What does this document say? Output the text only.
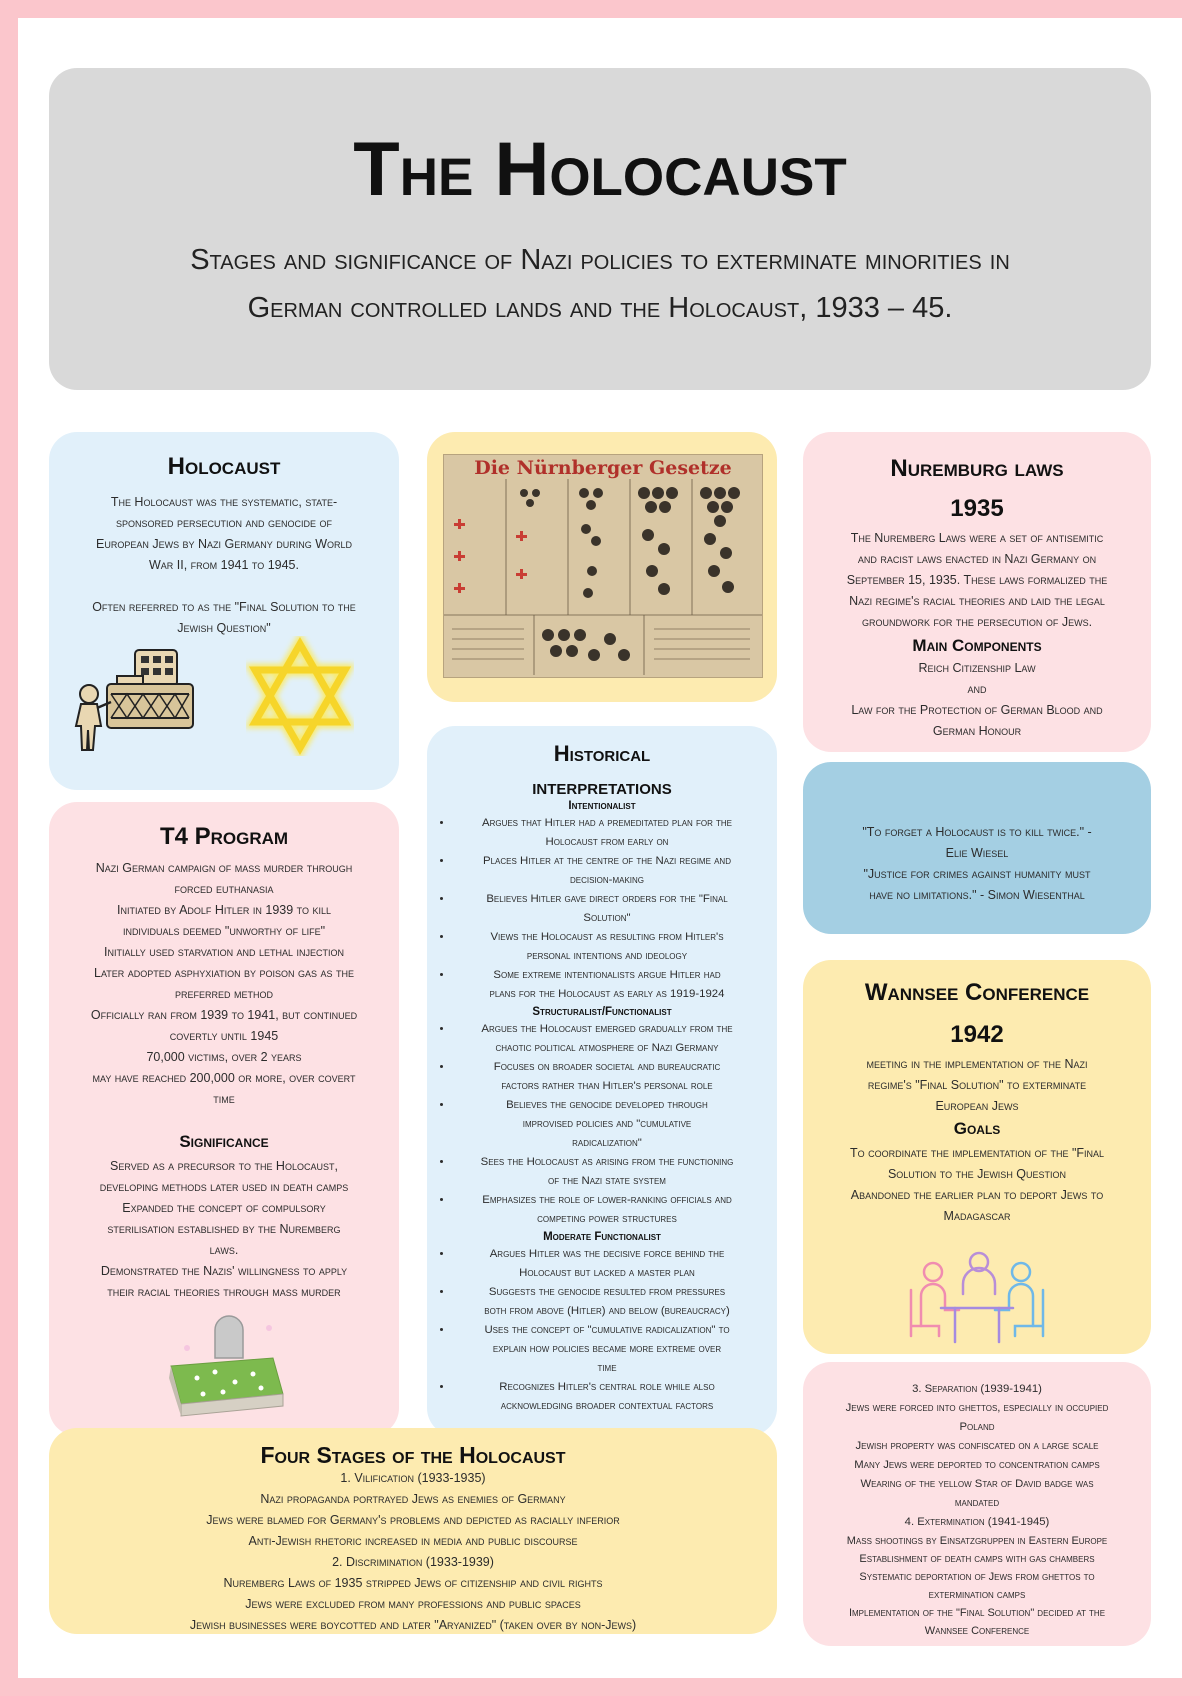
The Holocaust
Stages and significance of Nazi policies to exterminate minorities in
German controlled lands and the Holocaust, 1933 – 45.

Holocaust

The Holocaust was the systematic, state-

sponsored persecution and genocide of

European Jews by Nazi Germany during World

War II, from 1941 to 1945.

Often referred to as the "Final Solution to the

Jewish Question"

Die Nürnberger Gesetze	Nuremburg laws

1935

The Nuremberg Laws were a set of antisemitic

and racist laws enacted in Nazi Germany on

September 15, 1935. These laws formalized the

Nazi regime's racial theories and laid the legal

groundwork for the persecution of Jews.

Main Components

Reich Citizenship Law

and

Law for the Protection of German Blood and

German Honour

T4 Program

Nazi German campaign of mass murder through

forced euthanasia

Initiated by Adolf Hitler in 1939 to kill

individuals deemed "unworthy of life"

Initially used starvation and lethal injection

Later adopted asphyxiation by poison gas as the

preferred method

Officially ran from 1939 to 1941, but continued

covertly until 1945

70,000 victims, over 2 years

may have reached 200,000 or more, over covert

time

Significance

Served as a precursor to the Holocaust,

developing methods later used in death camps

Expanded the concept of compulsory

sterilisation established by the Nuremberg

laws.

Demonstrated the Nazis' willingness to apply

their racial theories through mass murder

Historical

interpretations

Intentionalist

• Argues that Hitler had a premeditated plan for the
Holocaust from early on
• Places Hitler at the centre of the Nazi regime and
decision-making
• Believes Hitler gave direct orders for the "Final
Solution"
• Views the Holocaust as resulting from Hitler's
personal intentions and ideology
• Some extreme intentionalists argue Hitler had
plans for the Holocaust as early as 1919-1924

Structuralist/Functionalist

• Argues the Holocaust emerged gradually from the
chaotic political atmosphere of Nazi Germany
• Focuses on broader societal and bureaucratic
factors rather than Hitler's personal role
• Believes the genocide developed through
improvised policies and "cumulative
radicalization"
• Sees the Holocaust as arising from the functioning
of the Nazi state system
• Emphasizes the role of lower-ranking officials and
competing power structures

Moderate Functionalist

• Argues Hitler was the decisive force behind the
Holocaust but lacked a master plan
• Suggests the genocide resulted from pressures
both from above (Hitler) and below (bureaucracy)
• Uses the concept of "cumulative radicalization" to
explain how policies became more extreme over
time
• Recognizes Hitler's central role while also
acknowledging broader contextual factors

"To forget a Holocaust is to kill twice." -

Elie Wiesel

"Justice for crimes against humanity must

have no limitations." - Simon Wiesenthal

Wannsee Conference

1942

meeting in the implementation of the Nazi

regime's "Final Solution" to exterminate

European Jews

Goals

To coordinate the implementation of the "Final

Solution to the Jewish Question

Abandoned the earlier plan to deport Jews to

Madagascar

Four Stages of the Holocaust

1. Vilification (1933-1935)

Nazi propaganda portrayed Jews as enemies of Germany

Jews were blamed for Germany's problems and depicted as racially inferior

Anti-Jewish rhetoric increased in media and public discourse

2. Discrimination (1933-1939)

Nuremberg Laws of 1935 stripped Jews of citizenship and civil rights

Jews were excluded from many professions and public spaces

Jewish businesses were boycotted and later "Aryanized" (taken over by non-Jews)

3. Separation (1939-1941)

Jews were forced into ghettos, especially in occupied

Poland

Jewish property was confiscated on a large scale

Many Jews were deported to concentration camps

Wearing of the yellow Star of David badge was

mandated

4. Extermination (1941-1945)

Mass shootings by Einsatzgruppen in Eastern Europe

Establishment of death camps with gas chambers

Systematic deportation of Jews from ghettos to

extermination camps

Implementation of the "Final Solution" decided at the

Wannsee Conference
